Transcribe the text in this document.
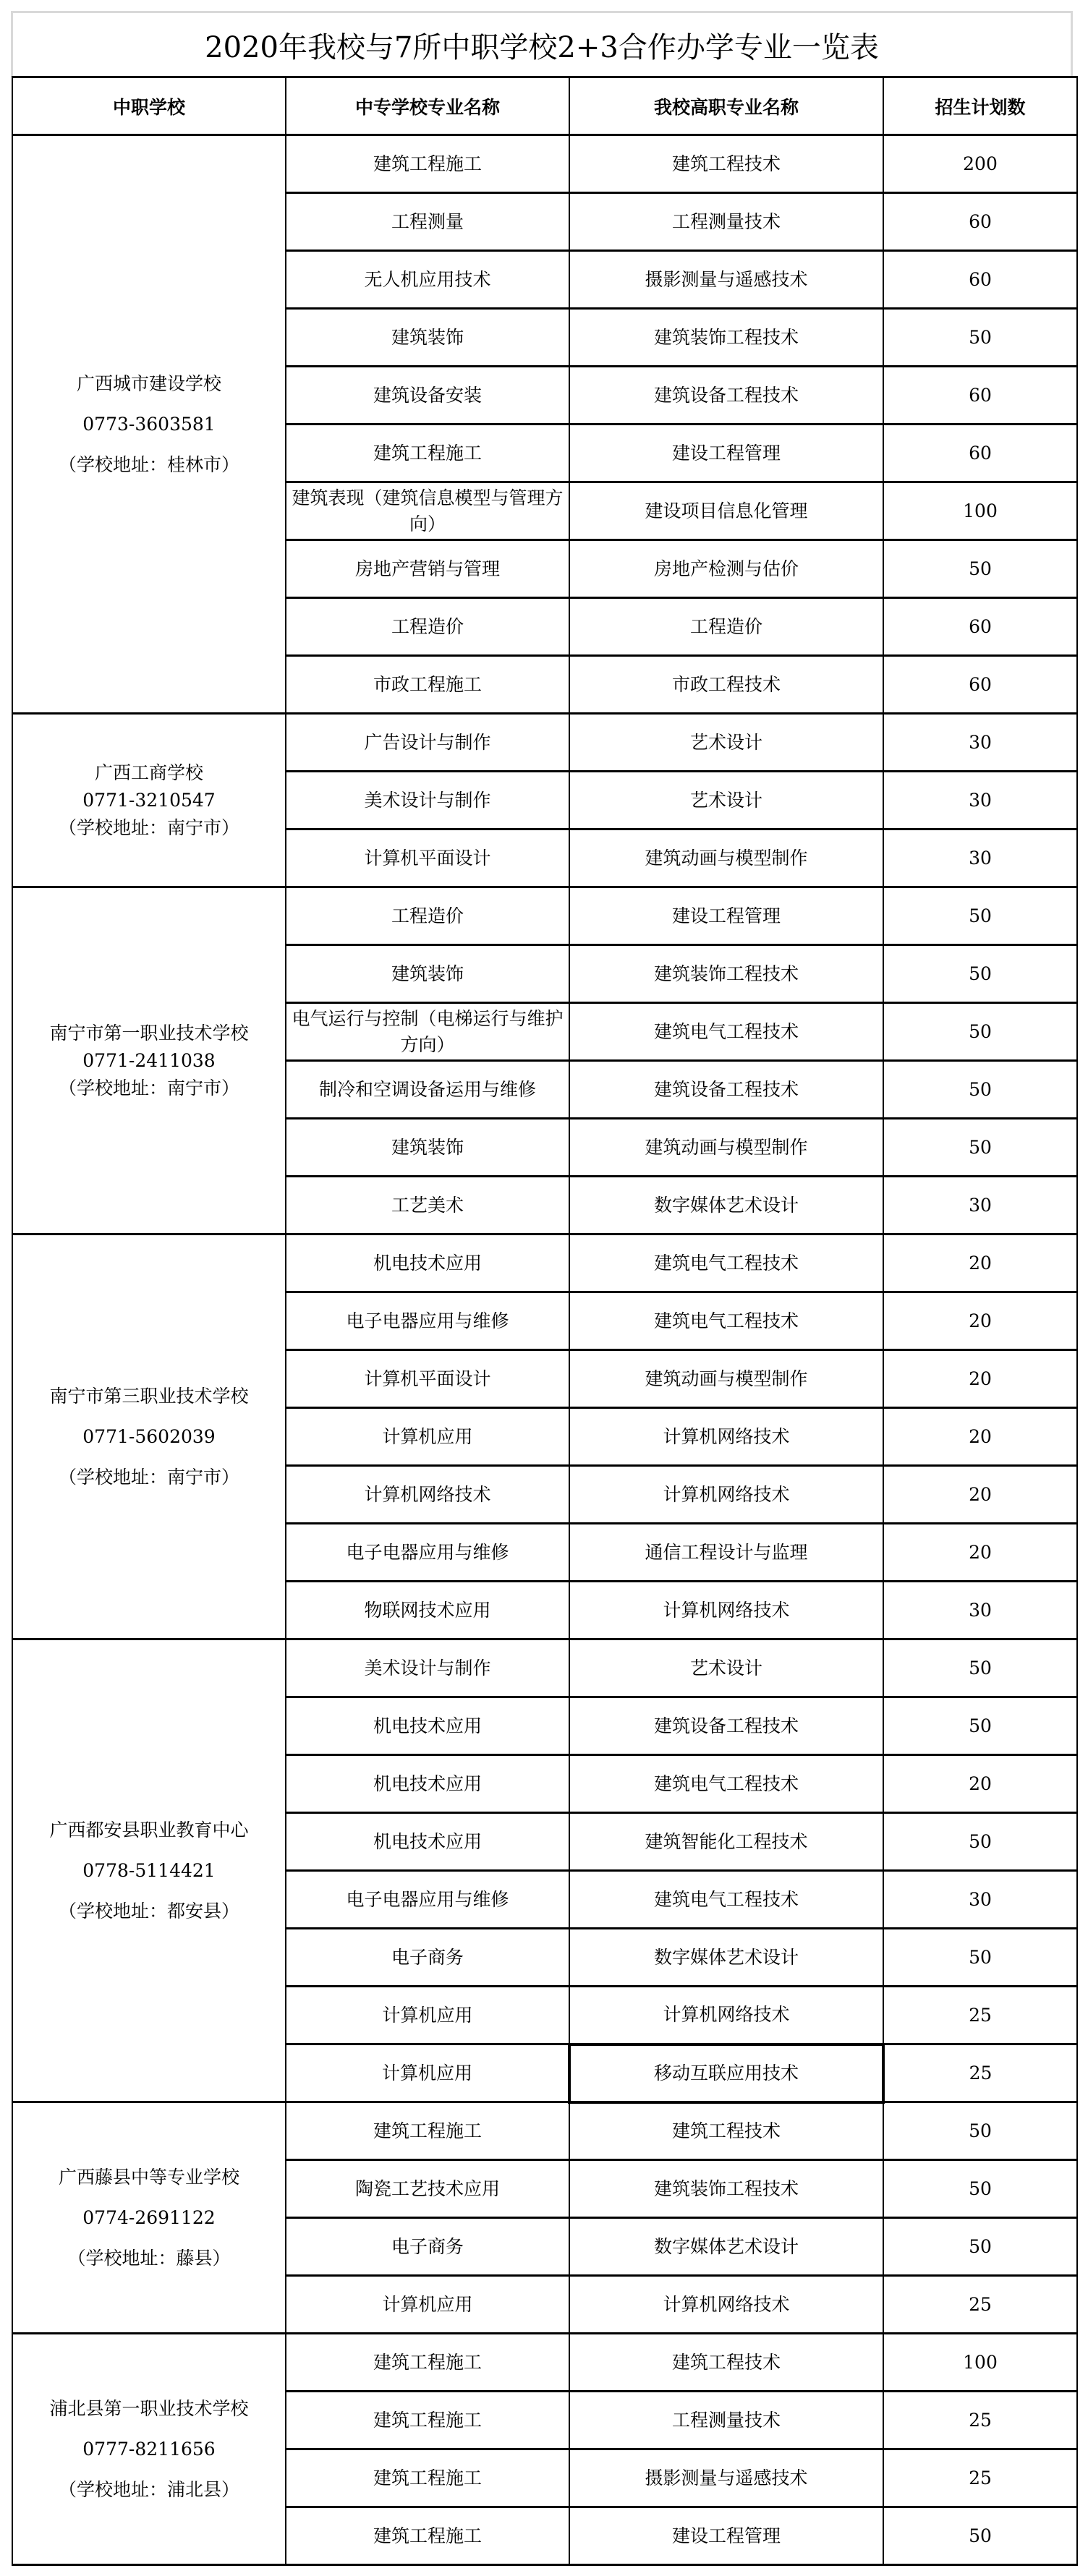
2020年我校与7所中职学校2+3合作办学专业一览表
中职学校	中专学校专业名称	我校高职专业名称	招生计划数

广西城市建设学校
0773-3603581
（学校地址：桂林市）	建筑工程施工	建筑工程技术	200
	工程测量	工程测量技术	60
	无人机应用技术	摄影测量与遥感技术	60
	建筑装饰	建筑装饰工程技术	50
	建筑设备安装	建筑设备工程技术	60
	建筑工程施工	建设工程管理	60
	建筑表现（建筑信息模型与管理方向）	建设项目信息化管理	100
	房地产营销与管理	房地产检测与估价	50
	工程造价	工程造价	60
	市政工程施工	市政工程技术	60

广西工商学校
0771-3210547
（学校地址：南宁市）	广告设计与制作	艺术设计	30
	美术设计与制作	艺术设计	30
	计算机平面设计	建筑动画与模型制作	30

南宁市第一职业技术学校
0771-2411038
（学校地址：南宁市）	工程造价	建设工程管理	50
	建筑装饰	建筑装饰工程技术	50
	电气运行与控制（电梯运行与维护方向）	建筑电气工程技术	50
	制冷和空调设备运用与维修	建筑设备工程技术	50
	建筑装饰	建筑动画与模型制作	50
	工艺美术	数字媒体艺术设计	30

南宁市第三职业技术学校
0771-5602039
（学校地址：南宁市）	机电技术应用	建筑电气工程技术	20
	电子电器应用与维修	建筑电气工程技术	20
	计算机平面设计	建筑动画与模型制作	20
	计算机应用	计算机网络技术	20
	计算机网络技术	计算机网络技术	20
	电子电器应用与维修	通信工程设计与监理	20
	物联网技术应用	计算机网络技术	30

广西都安县职业教育中心
0778-5114421
（学校地址：都安县）	美术设计与制作	艺术设计	50
	机电技术应用	建筑设备工程技术	50
	机电技术应用	建筑电气工程技术	20
	机电技术应用	建筑智能化工程技术	50
	电子电器应用与维修	建筑电气工程技术	30
	电子商务	数字媒体艺术设计	50
	计算机应用	计算机网络技术	25
	计算机应用	移动互联应用技术	25

广西藤县中等专业学校
0774-2691122
（学校地址：藤县）	建筑工程施工	建筑工程技术	50
	陶瓷工艺技术应用	建筑装饰工程技术	50
	电子商务	数字媒体艺术设计	50
	计算机应用	计算机网络技术	25

浦北县第一职业技术学校
0777-8211656
（学校地址：浦北县）	建筑工程施工	建筑工程技术	100
	建筑工程施工	工程测量技术	25
	建筑工程施工	摄影测量与遥感技术	25
	建筑工程施工	建设工程管理	50
